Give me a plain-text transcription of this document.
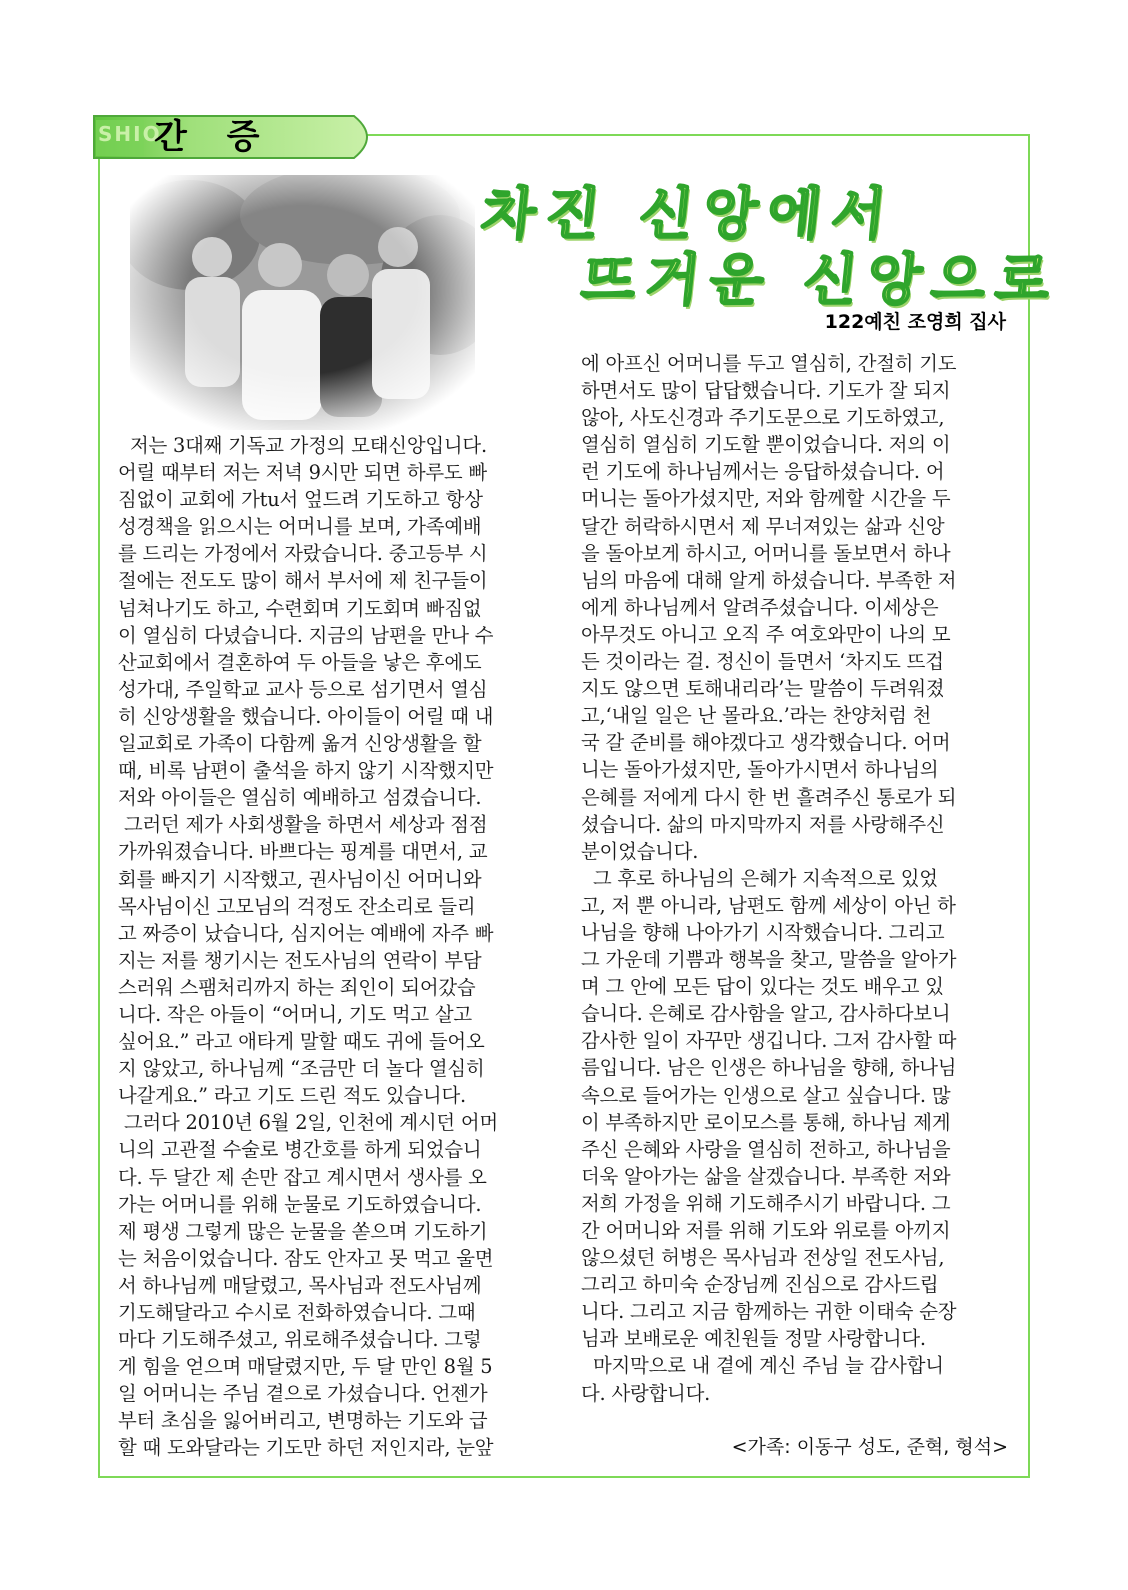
SHIO
간 증
차진 신앙에서
뜨거운 신앙으로
122예친 조영희 집사

저는 3대째 기독교 가정의 모태신앙입니다.
어릴 때부터 저는 저녁 9시만 되면 하루도 빠
짐없이 교회에 가tu서 엎드려 기도하고 항상
성경책을 읽으시는 어머니를 보며, 가족예배
를 드리는 가정에서 자랐습니다. 중고등부 시
절에는 전도도 많이 해서 부서에 제 친구들이
넘쳐나기도 하고, 수련회며 기도회며 빠짐없
이 열심히 다녔습니다. 지금의 남편을 만나 수
산교회에서 결혼하여 두 아들을 낳은 후에도
성가대, 주일학교 교사 등으로 섬기면서 열심
히 신앙생활을 했습니다. 아이들이 어릴 때 내
일교회로 가족이 다함께 옮겨 신앙생활을 할
때, 비록 남편이 출석을 하지 않기 시작했지만
저와 아이들은 열심히 예배하고 섬겼습니다.

그러던 제가 사회생활을 하면서 세상과 점점
가까워졌습니다. 바쁘다는 핑계를 대면서, 교
회를 빠지기 시작했고, 권사님이신 어머니와
목사님이신 고모님의 걱정도 잔소리로 들리
고 짜증이 났습니다, 심지어는 예배에 자주 빠
지는 저를 챙기시는 전도사님의 연락이 부담
스러워 스팸처리까지 하는 죄인이 되어갔습
니다. 작은 아들이 “어머니, 기도 먹고 살고
싶어요.” 라고 애타게 말할 때도 귀에 들어오
지 않았고, 하나님께 “조금만 더 놀다 열심히
나갈게요.” 라고 기도 드린 적도 있습니다.

그러다 2010년 6월 2일, 인천에 계시던 어머
니의 고관절 수술로 병간호를 하게 되었습니
다. 두 달간 제 손만 잡고 계시면서 생사를 오
가는 어머니를 위해 눈물로 기도하였습니다.
제 평생 그렇게 많은 눈물을 쏟으며 기도하기
는 처음이었습니다. 잠도 안자고 못 먹고 울면
서 하나님께 매달렸고, 목사님과 전도사님께
기도해달라고 수시로 전화하였습니다. 그때
마다 기도해주셨고, 위로해주셨습니다. 그렇
게 힘을 얻으며 매달렸지만, 두 달 만인 8월 5
일 어머니는 주님 곁으로 가셨습니다. 언젠가
부터 초심을 잃어버리고, 변명하는 기도와 급
할 때 도와달라는 기도만 하던 저인지라, 눈앞

에 아프신 어머니를 두고 열심히, 간절히 기도
하면서도 많이 답답했습니다. 기도가 잘 되지
않아, 사도신경과 주기도문으로 기도하였고,
열심히 열심히 기도할 뿐이었습니다. 저의 이
런 기도에 하나님께서는 응답하셨습니다. 어
머니는 돌아가셨지만, 저와 함께할 시간을 두
달간 허락하시면서 제 무너져있는 삶과 신앙
을 돌아보게 하시고, 어머니를 돌보면서 하나
님의 마음에 대해 알게 하셨습니다. 부족한 저
에게 하나님께서 알려주셨습니다. 이세상은
아무것도 아니고 오직 주 여호와만이 나의 모
든 것이라는 걸. 정신이 들면서 ‘차지도 뜨겁
지도 않으면 토해내리라’는 말씀이 두려워졌
고,‘내일 일은 난 몰라요.’라는 찬양처럼 천
국 갈 준비를 해야겠다고 생각했습니다. 어머
니는 돌아가셨지만, 돌아가시면서 하나님의
은혜를 저에게 다시 한 번 흘려주신 통로가 되
셨습니다. 삶의 마지막까지 저를 사랑해주신
분이었습니다.

그 후로 하나님의 은혜가 지속적으로 있었
고, 저 뿐 아니라, 남편도 함께 세상이 아닌 하
나님을 향해 나아가기 시작했습니다. 그리고
그 가운데 기쁨과 행복을 찾고, 말씀을 알아가
며 그 안에 모든 답이 있다는 것도 배우고 있
습니다. 은혜로 감사함을 알고, 감사하다보니
감사한 일이 자꾸만 생깁니다. 그저 감사할 따
름입니다. 남은 인생은 하나님을 향해, 하나님
속으로 들어가는 인생으로 살고 싶습니다. 많
이 부족하지만 로이모스를 통해, 하나님 제게
주신 은혜와 사랑을 열심히 전하고, 하나님을
더욱 알아가는 삶을 살겠습니다. 부족한 저와
저희 가정을 위해 기도해주시기 바랍니다. 그
간 어머니와 저를 위해 기도와 위로를 아끼지
않으셨던 허병은 목사님과 전상일 전도사님,
그리고 하미숙 순장님께 진심으로 감사드립
니다. 그리고 지금 함께하는 귀한 이태숙 순장
님과 보배로운 예친원들 정말 사랑합니다.

마지막으로 내 곁에 계신 주님 늘 감사합니
다. 사랑합니다.

<가족: 이동구 성도, 준혁, 형석>
